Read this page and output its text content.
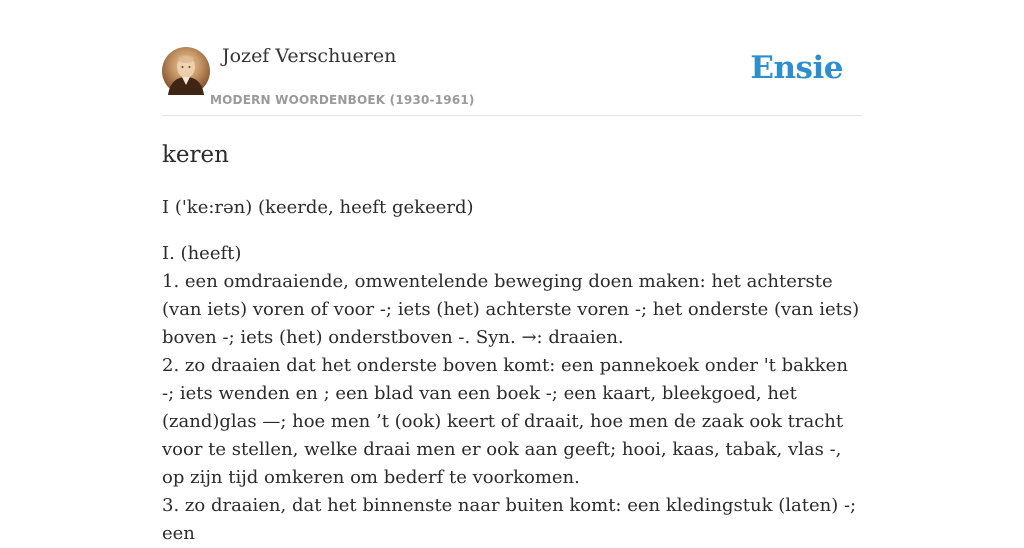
Jozef Verschueren
MODERN WOORDENBOEK (1930-1961)
Ensie
keren
I ('ke:rən) (keerde, heeft gekeerd)

I. (heeft)

1. een omdraaiende, omwentelende beweging doen maken: het achterste (van iets) voren of voor -; iets (het) achterste voren -; het onderste (van iets) boven -; iets (het) onderstboven -. Syn. →: draaien.

2. zo draaien dat het onderste boven komt: een pannekoek onder 't bakken -; iets wenden en ; een blad van een boek -; een kaart, bleekgoed, het (zand)glas —; hoe men ’t (ook) keert of draait, hoe men de zaak ook tracht voor te stellen, welke draai men er ook aan geeft; hooi, kaas, tabak, vlas -, op zijn tijd omkeren om bederf te voorkomen.

3. zo draaien, dat het binnenste naar buiten komt: een kledingstuk (laten) -; een
